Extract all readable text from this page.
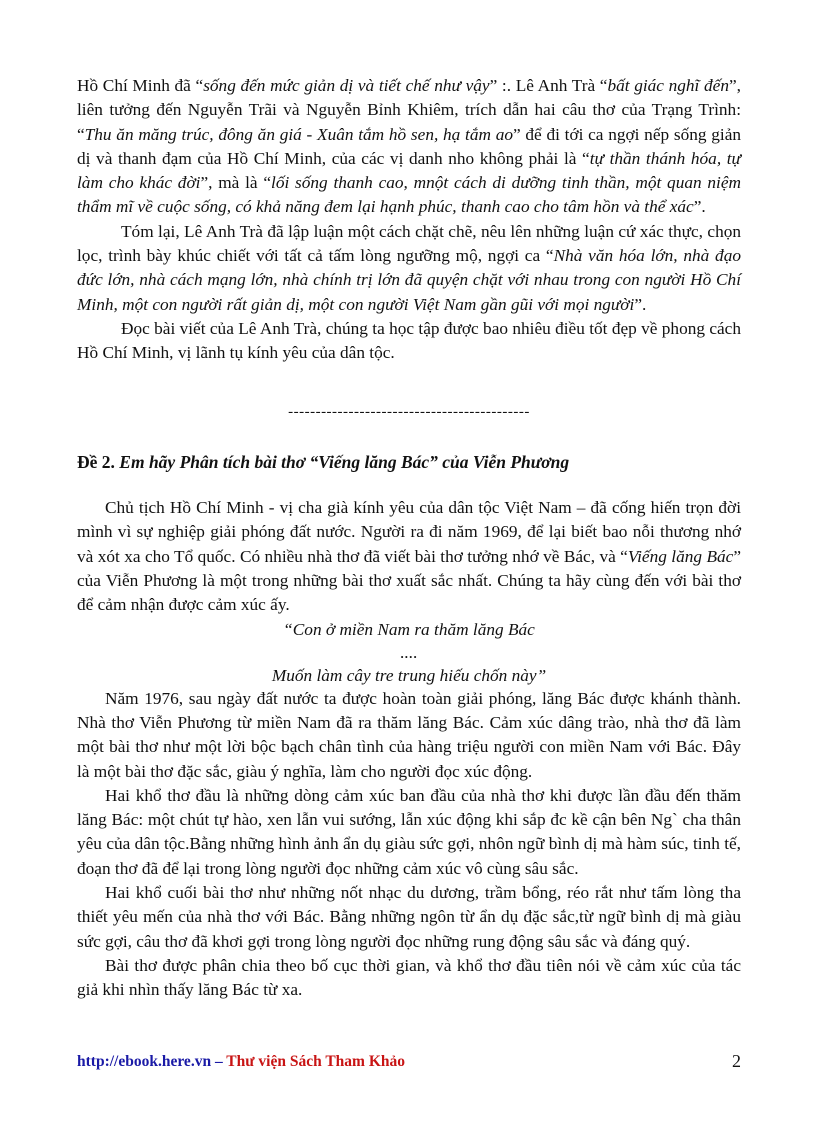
Hồ Chí Minh đã “sống đến mức giản dị và tiết chế như vậy” :. Lê Anh Trà “bất giác nghĩ đến”, liên tưởng đến Nguyễn Trãi và Nguyễn Bỉnh Khiêm, trích dẫn hai câu thơ của Trạng Trình: “Thu ăn măng trúc, đông ăn giá - Xuân tắm hồ sen, hạ tắm ao” để đi tới ca ngợi nếp sống giản dị và thanh đạm của Hồ Chí Minh, của các vị danh nho không phải là “tự thần thánh hóa, tự làm cho khác đời”, mà là “lối sống thanh cao, mnột cách di dưỡng tinh thần, một quan niệm thẩm mĩ về cuộc sống, có khả năng đem lại hạnh phúc, thanh cao cho tâm hồn và thể xác”.

Tóm lại, Lê Anh Trà đã lập luận một cách chặt chẽ, nêu lên những luận cứ xác thực, chọn lọc, trình bày khúc chiết với tất cả tấm lòng ngưỡng mộ, ngợi ca “Nhà văn hóa lớn, nhà đạo đức lớn, nhà cách mạng lớn, nhà chính trị lớn đã quyện chặt với nhau trong con người Hồ Chí Minh, một con người rất giản dị, một con người Việt Nam gần gũi với mọi người”.

Đọc bài viết của Lê Anh Trà, chúng ta học tập được bao nhiêu điều tốt đẹp về phong cách Hồ Chí Minh, vị lãnh tụ kính yêu của dân tộc.

--------------------------------------------

Đề 2. Em hãy Phân tích bài thơ “Viếng lăng Bác” của Viễn Phương

Chủ tịch Hồ Chí Minh - vị cha già kính yêu của dân tộc Việt Nam – đã cống hiến trọn đời mình vì sự nghiệp giải phóng đất nước. Người ra đi năm 1969, để lại biết bao nỗi thương nhớ và xót xa cho Tổ quốc. Có nhiều nhà thơ đã viết bài thơ tưởng nhớ về Bác, và “Viếng lăng Bác” của Viễn Phương là một trong những bài thơ xuất sắc nhất. Chúng ta hãy cùng đến với bài thơ để cảm nhận được cảm xúc ấy.

“Con ở miền Nam ra thăm lăng Bác
....
Muốn làm cây tre trung hiếu chốn này”

Năm 1976, sau ngày đất nước ta được hoàn toàn giải phóng, lăng Bác được khánh thành. Nhà thơ Viễn Phương từ miền Nam đã ra thăm lăng Bác. Cảm xúc dâng trào, nhà thơ đã làm một bài thơ như một lời bộc bạch chân tình của hàng triệu người con miền Nam với Bác. Đây là một bài thơ đặc sắc, giàu ý nghĩa, làm cho người đọc xúc động.

Hai khổ thơ đầu là những dòng cảm xúc ban đầu của nhà thơ khi được lần đầu đến thăm lăng Bác: một chút tự hào, xen lẫn vui sướng, lẫn xúc động khi sắp đc kề cận bên Ng` cha thân yêu của dân tộc.Bằng những hình ảnh ẩn dụ giàu sức gợi, nhôn ngữ bình dị mà hàm súc, tinh tế, đoạn thơ đã để lại trong lòng người đọc những cảm xúc vô cùng sâu sắc.

Hai khổ cuối bài thơ như những nốt nhạc du dương, trầm bổng, réo rắt như tấm lòng tha thiết yêu mến của nhà thơ với Bác. Bằng những ngôn từ ẩn dụ đặc sắc,từ ngữ bình dị mà giàu sức gợi, câu thơ đã khơi gợi trong lòng người đọc những rung động sâu sắc và đáng quý.

Bài thơ được phân chia theo bố cục thời gian, và khổ thơ đầu tiên nói về cảm xúc của tác giả khi nhìn thấy lăng Bác từ xa.

http://ebook.here.vn – Thư viện Sách Tham Khảo	2
